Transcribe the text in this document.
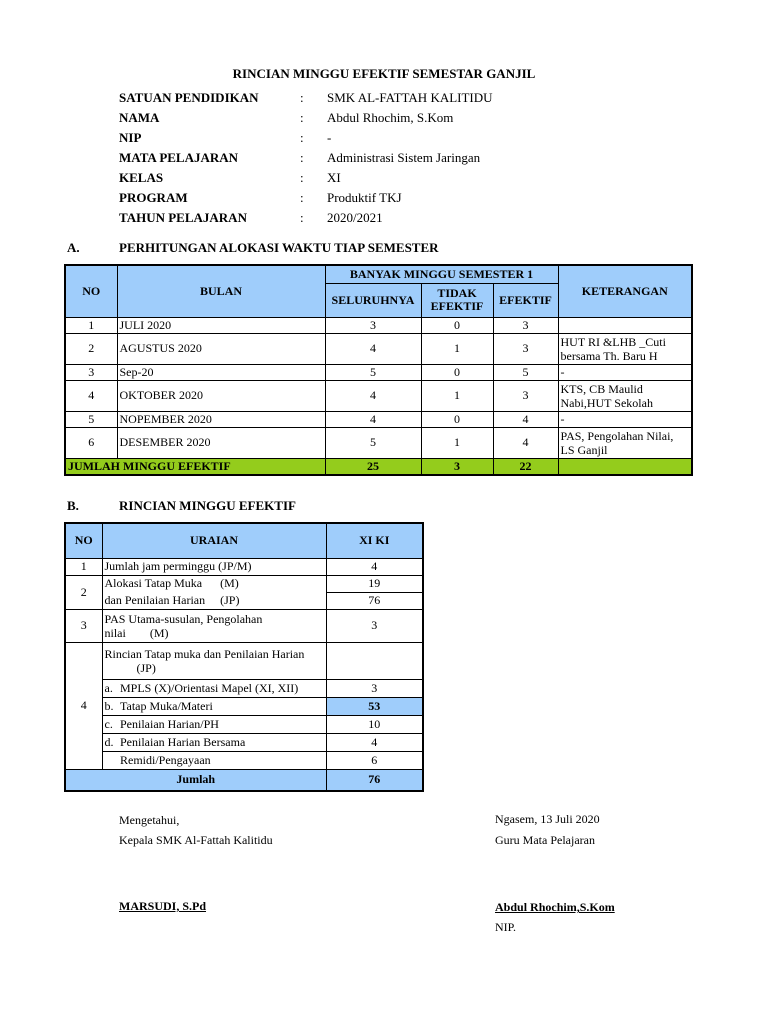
RINCIAN MINGGU EFEKTIF SEMESTAR GANJIL
SATUAN PENDIDIKAN	:	SMK AL-FATTAH KALITIDU
NAMA	:	Abdul Rhochim, S.Kom
NIP	:	-
MATA PELAJARAN	:	Administrasi Sistem Jaringan
KELAS	:	XI
PROGRAM	:	Produktif TKJ
TAHUN PELAJARAN	:	2020/2021
A.	PERHITUNGAN ALOKASI WAKTU TIAP SEMESTER
NO	BULAN	BANYAK MINGGU SEMESTER 1			KETERANGAN
		SELURUHNYA	TIDAK EFEKTIF	EFEKTIF	
1	JULI 2020	3	0	3	
2	AGUSTUS 2020	4	1	3	HUT RI &LHB _Cuti bersama Th. Baru H
3	Sep-20	5	0	5	-
4	OKTOBER 2020	4	1	3	KTS, CB Maulid Nabi,HUT Sekolah
5	NOPEMBER 2020	4	0	4	-
6	DESEMBER 2020	5	1	4	PAS, Pengolahan Nilai, LS Ganjil
JUMLAH MINGGU EFEKTIF		25	3	22	
B.	RINCIAN MINGGU EFEKTIF
NO	URAIAN		XI KI
1	Jumlah jam perminggu (JP/M)		4
2	Alokasi Tatap Muka      (M)		19
	dan Penilaian Harian     (JP)		76
3	PAS Utama-susulan, Pengolahan
nilai        (M)		3
4	Rincian Tatap muka dan Penilaian Harian
(JP)		

	a.	MPLS (X)/Orientasi Mapel (XI, XII)	3
	b.	Tatap Muka/Materi	53
	c.	Penilaian Harian/PH	10
	d.	Penilaian Harian Bersama	4
		Remidi/Pengayaan	6
Jumlah			76
Mengetahui,
Kepala SMK Al-Fattah Kalitidu
MARSUDI, S.Pd
Ngasem, 13 Juli 2020
Guru Mata Pelajaran
Abdul Rhochim,S.Kom
NIP.
